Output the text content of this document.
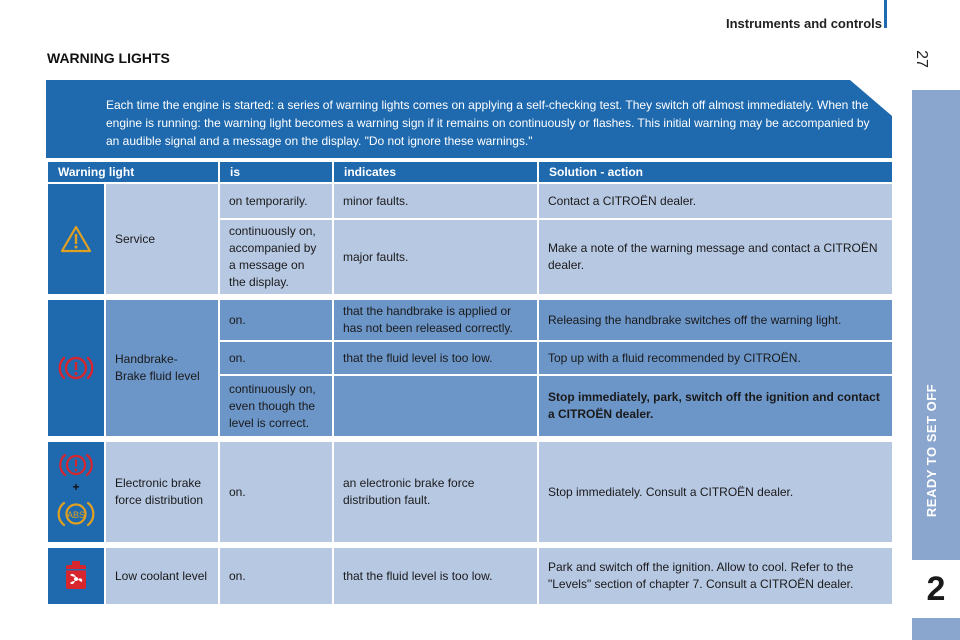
Instruments and controls
27
READY TO SET OFF
2
WARNING LIGHTS
Each time the engine is started: a series of warning lights comes on applying a self-checking test. They switch off almost immediately. When the engine is running: the warning light becomes a warning sign if it remains on continuously or flashes. This initial warning may be accompanied by an audible signal and a message on the display. "Do not ignore these warnings."
Warning light		is	indicates	Solution - action
	Service	on temporarily.	minor faults.	Contact a CITROËN dealer.
		continuously on, accompanied by a message on the display.	major faults.	Make a note of the warning message and contact a CITROËN dealer.

	Handbrake-Brake fluid level	on.	that the handbrake is applied or has not been released correctly.	Releasing the handbrake switches off the warning light.
		on.	that the fluid level is too low.	Top up with a fluid recommended by CITROËN.
		continuously on, even though the level is correct.		Stop immediately, park, switch off the ignition and contact a CITROËN dealer.

+
ABS	Electronic brake force distribution	on.	an electronic brake force distribution fault.	Stop immediately. Consult a CITROËN dealer.

	Low coolant level	on.	that the fluid level is too low.	Park and switch off the ignition. Allow to cool. Refer to the "Levels" section of chapter 7. Consult a CITROËN dealer.
